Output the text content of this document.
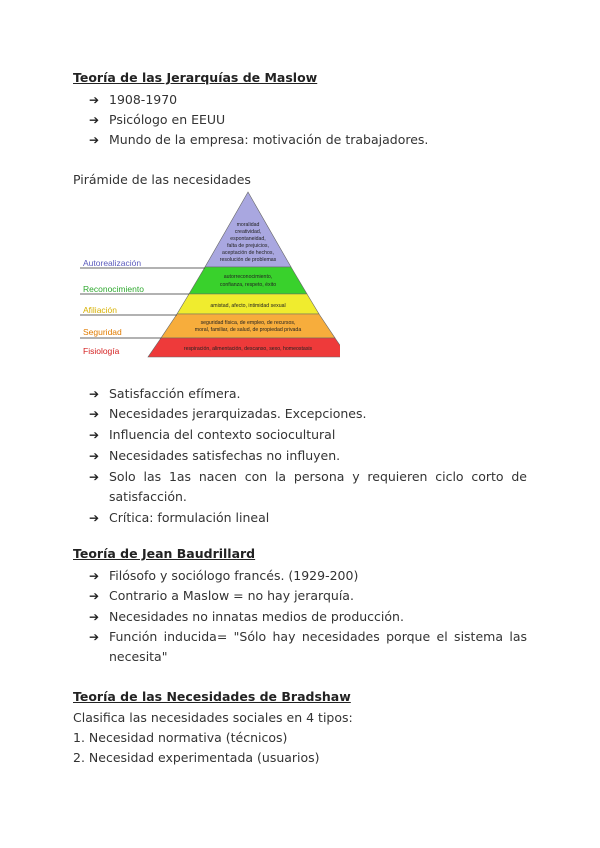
Teoría de las Jerarquías de Maslow
➔ 1908-1970
➔ Psicólogo en EEUU
➔ Mundo de la empresa: motivación de trabajadores.

Pirámide de las necesidades

Autorealización
Reconocimiento
Afiliación
Seguridad
Fisiología
moralidad
creatividad,
espontaneidad,
falta de prejuicios,
aceptación de hechos,
resolución de problemas
autorreconocimiento,
confianza, respeto, éxito
amistad, afecto, intimidad sexual
seguridad física, de empleo, de recursos,
moral, familiar, de salud, de propiedad privada
respiración, alimentación, descanso, sexo, homeostasis
➔ Satisfacción efímera.
➔ Necesidades jerarquizadas. Excepciones.
➔ Influencia del contexto sociocultural
➔ Necesidades satisfechas no influyen.
➔ Solo las 1as nacen con la persona y requieren ciclo corto de satisfacción.
➔ Crítica: formulación lineal
Teoría de Jean Baudrillard
➔ Filósofo y sociólogo francés. (1929-200)
➔ Contrario a Maslow = no hay jerarquía.
➔ Necesidades no innatas medios de producción.
➔ Función inducida= "Sólo hay necesidades porque el sistema las necesita"
Teoría de las Necesidades de Bradshaw

Clasifica las necesidades sociales en 4 tipos:

1. Necesidad normativa (técnicos)

2. Necesidad experimentada (usuarios)
